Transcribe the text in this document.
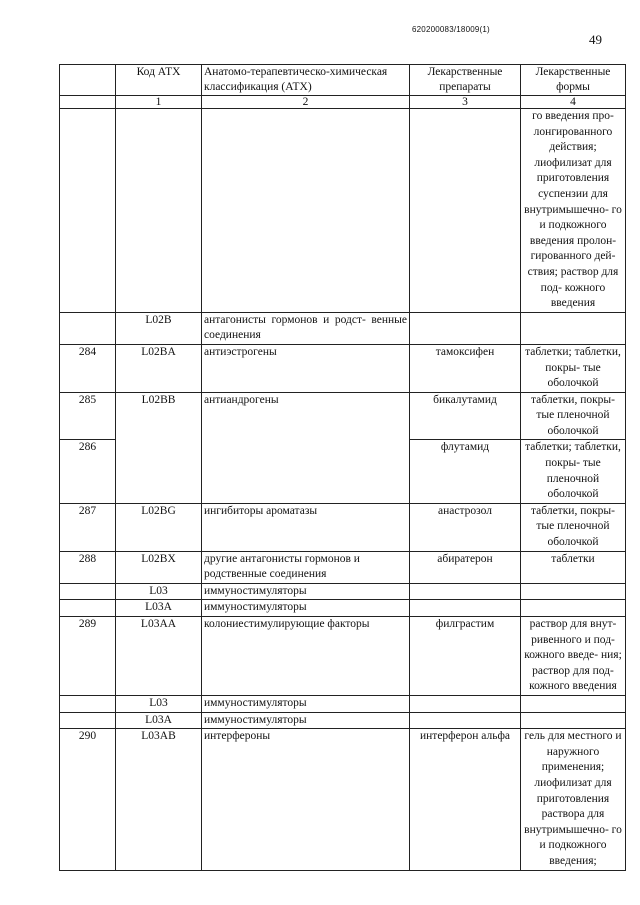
620200083/18009(1)
49
	Код АТХ	Анатомо-терапевтическо-химическая классификация (АТХ)	Лекарственные препараты	Лекарственные формы
	1	2	3	4
				го введения про- лонгированного действия; лиофилизат для приготовления суспензии для внутримышечно- го и подкожного введения пролон- гированного дей- ствия; раствор для под- кожного введения
	L02B	антагонисты гормонов и родст- венные соединения		
284	L02BA	антиэстрогены	тамоксифен	таблетки; таблетки, покры- тые оболочкой
285	L02BB	антиандрогены	бикалутамид	таблетки, покры- тые пленочной оболочкой
286			флутамид	таблетки; таблетки, покры- тые пленочной оболочкой
287	L02BG	ингибиторы ароматазы	анастрозол	таблетки, покры- тые пленочной оболочкой
288	L02BX	другие антагонисты гормонов и родственные соединения	абиратерон	таблетки
	L03	иммуностимуляторы		
	L03A	иммуностимуляторы		
289	L03AA	колониестимулирующие факторы	филграстим	раствор для внут- ривенного и под- кожного введе- ния; раствор для под- кожного введения
	L03	иммуностимуляторы		
	L03A	иммуностимуляторы		
290	L03AB	интерфероны	интерферон альфа	гель для местного и наружного применения; лиофилизат для приготовления раствора для внутримышечно- го и подкожного введения;
